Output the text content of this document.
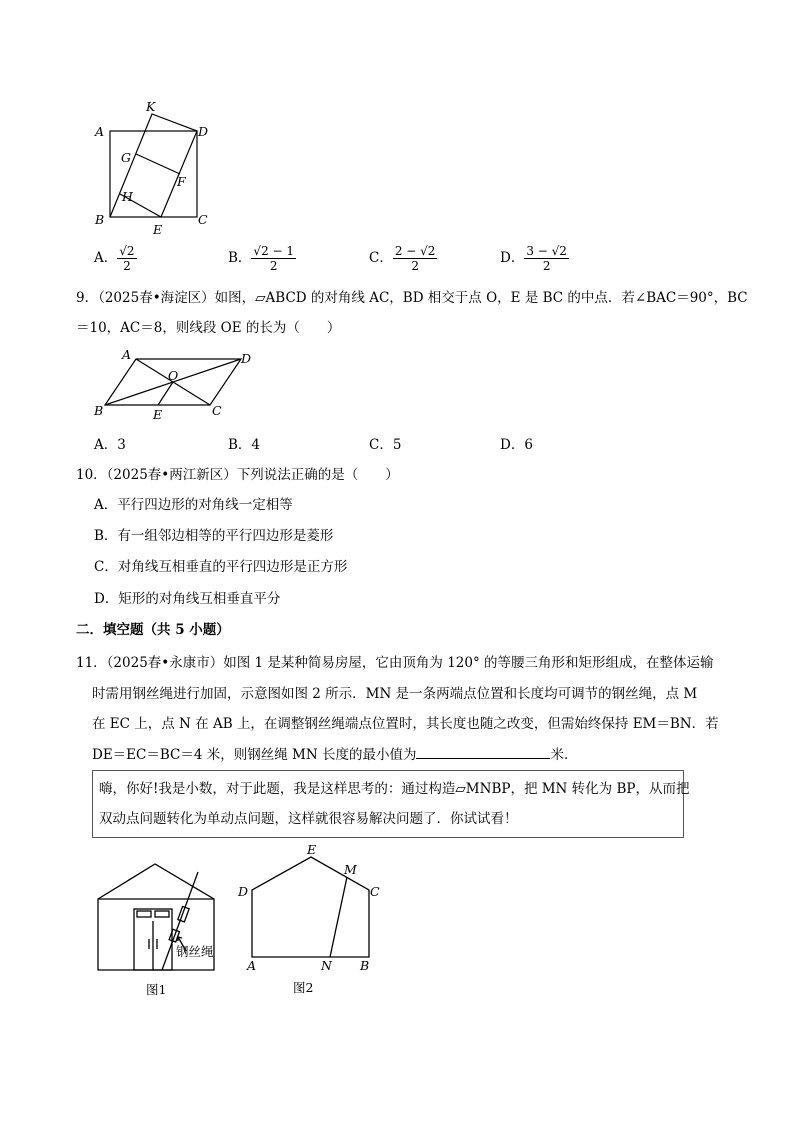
A
B	C
D
E
F
G
H
K
A． $\frac{√2}{2}$	B． $\frac{√2 - 1}{2}$	C． $\frac{2 - √2}{2}$	D． $\frac{3 - √2}{2}$
9．（2025春•海淀区）如图，▱ABCD 的对角线 AC，BD 相交于点 O，E 是 BC 的中点．若∠BAC＝90°，BC
＝10，AC＝8，则线段 OE 的长为（　　）
A
B	C
D
O
E
A．3	B．4	C．5	D．6
10．（2025春•两江新区）下列说法正确的是（　　）
A．平行四边形的对角线一定相等
B．有一组邻边相等的平行四边形是菱形
C．对角线互相垂直的平行四边形是正方形
D．矩形的对角线互相垂直平分
二．填空题（共 5 小题）
11．（2025春•永康市）如图 1 是某种简易房屋，它由顶角为 120° 的等腰三角形和矩形组成，在整体运输
时需用钢丝绳进行加固，示意图如图 2 所示．MN 是一条两端点位置和长度均可调节的钢丝绳，点 M
在 EC 上，点 N 在 AB 上，在调整钢丝绳端点位置时，其长度也随之改变，但需始终保持 EM＝BN．若
DE＝EC＝BC＝4 米，则钢丝绳 MN 长度的最小值为	米．
嗨，你好!我是小数，对于此题，我是这样思考的：通过构造▱MNBP，把 MN 转化为 BP，从而把
双动点问题转化为单动点问题，这样就很容易解决问题了．你试试看！
钢丝绳
图1
E
M
D	C
A	N B
图2
